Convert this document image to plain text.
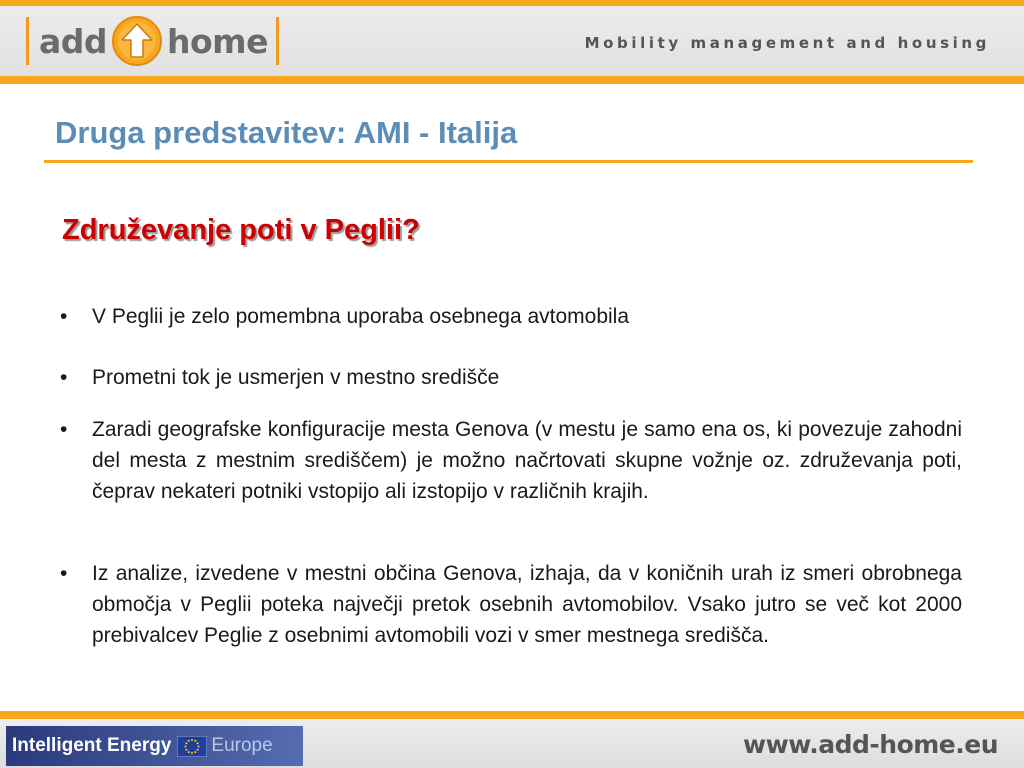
add home	Mobility management and housing
Druga predstavitev: AMI - Italija
Združevanje poti v Peglii?
•	V Peglii je zelo pomembna uporaba osebnega avtomobila
•	Prometni tok je usmerjen v mestno središče
•	Zaradi geografske konfiguracije mesta Genova (v mestu je samo ena os, ki povezuje zahodni del mesta z mestnim središčem) je možno načrtovati skupne vožnje oz. združevanja poti, čeprav nekateri potniki vstopijo ali izstopijo v različnih krajih.
•	Iz analize, izvedene v mestni občina Genova, izhaja, da v koničnih urah iz smeri obrobnega območja v Peglii poteka največji pretok osebnih avtomobilov. Vsako jutro se več kot 2000 prebivalcev Peglie z osebnimi avtomobili vozi v smer mestnega središča.
Intelligent Energy Europe	www.add-home.eu
